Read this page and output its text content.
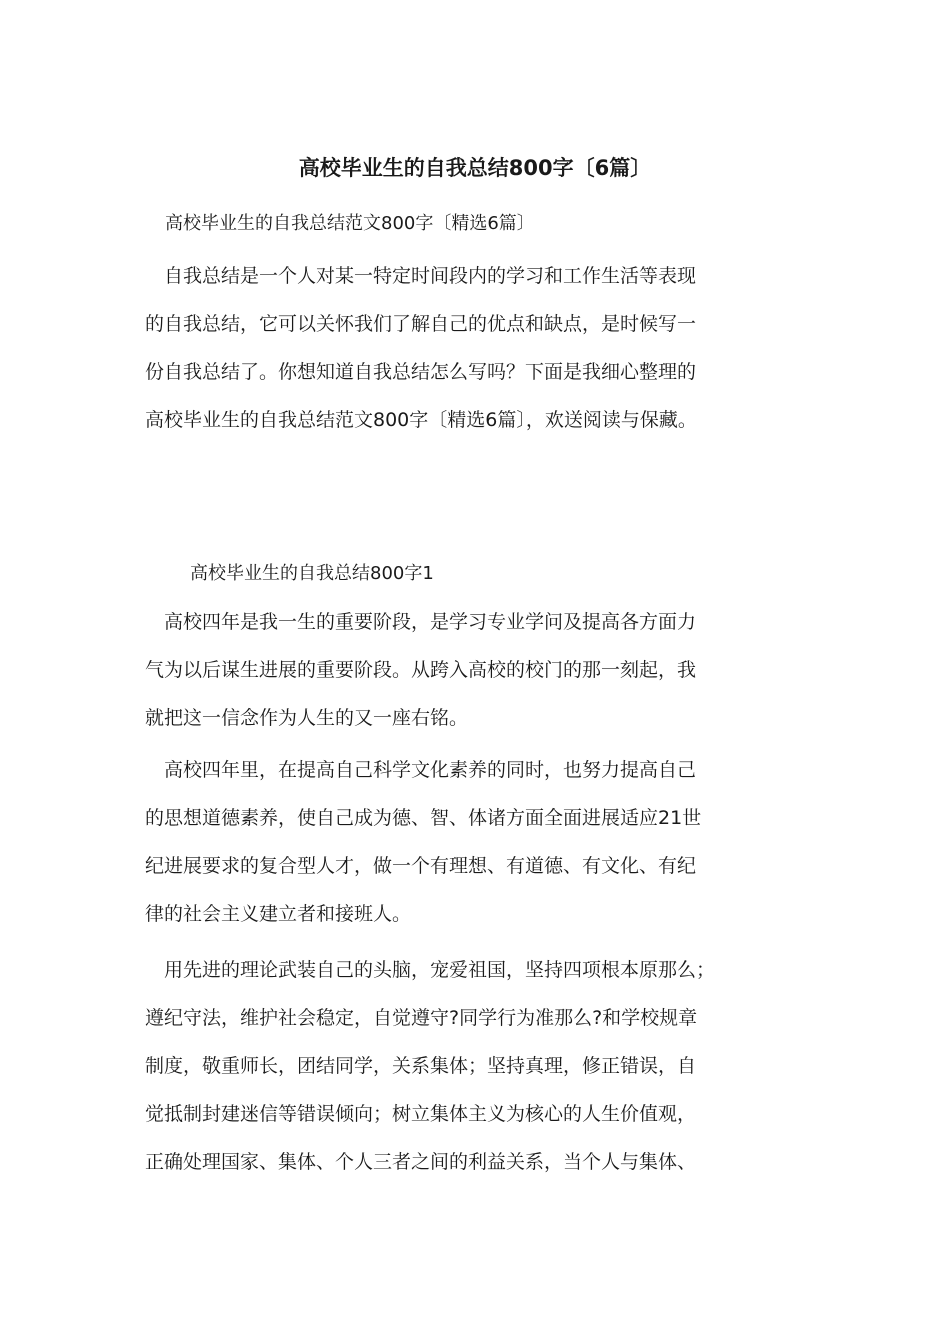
高校毕业生的自我总结800字〔6篇〕
高校毕业生的自我总结范文800字〔精选6篇〕
　自我总结是一个人对某一特定时间段内的学习和工作生活等表现
的自我总结，它可以关怀我们了解自己的优点和缺点，是时候写一
份自我总结了。你想知道自我总结怎么写吗？下面是我细心整理的
高校毕业生的自我总结范文800字〔精选6篇〕，欢送阅读与保藏。
高校毕业生的自我总结800字1
　高校四年是我一生的重要阶段，是学习专业学问及提高各方面力
气为以后谋生进展的重要阶段。从跨入高校的校门的那一刻起，我
就把这一信念作为人生的又一座右铭。
　高校四年里，在提高自己科学文化素养的同时，也努力提高自己
的思想道德素养，使自己成为德、智、体诸方面全面进展适应21世
纪进展要求的复合型人才，做一个有理想、有道德、有文化、有纪
律的社会主义建立者和接班人。
　用先进的理论武装自己的头脑，宠爱祖国，坚持四项根本原那么；
遵纪守法，维护社会稳定，自觉遵守?同学行为准那么?和学校规章
制度，敬重师长，团结同学，关系集体；坚持真理，修正错误，自
觉抵制封建迷信等错误倾向；树立集体主义为核心的人生价值观，
正确处理国家、集体、个人三者之间的利益关系，当个人与集体、
